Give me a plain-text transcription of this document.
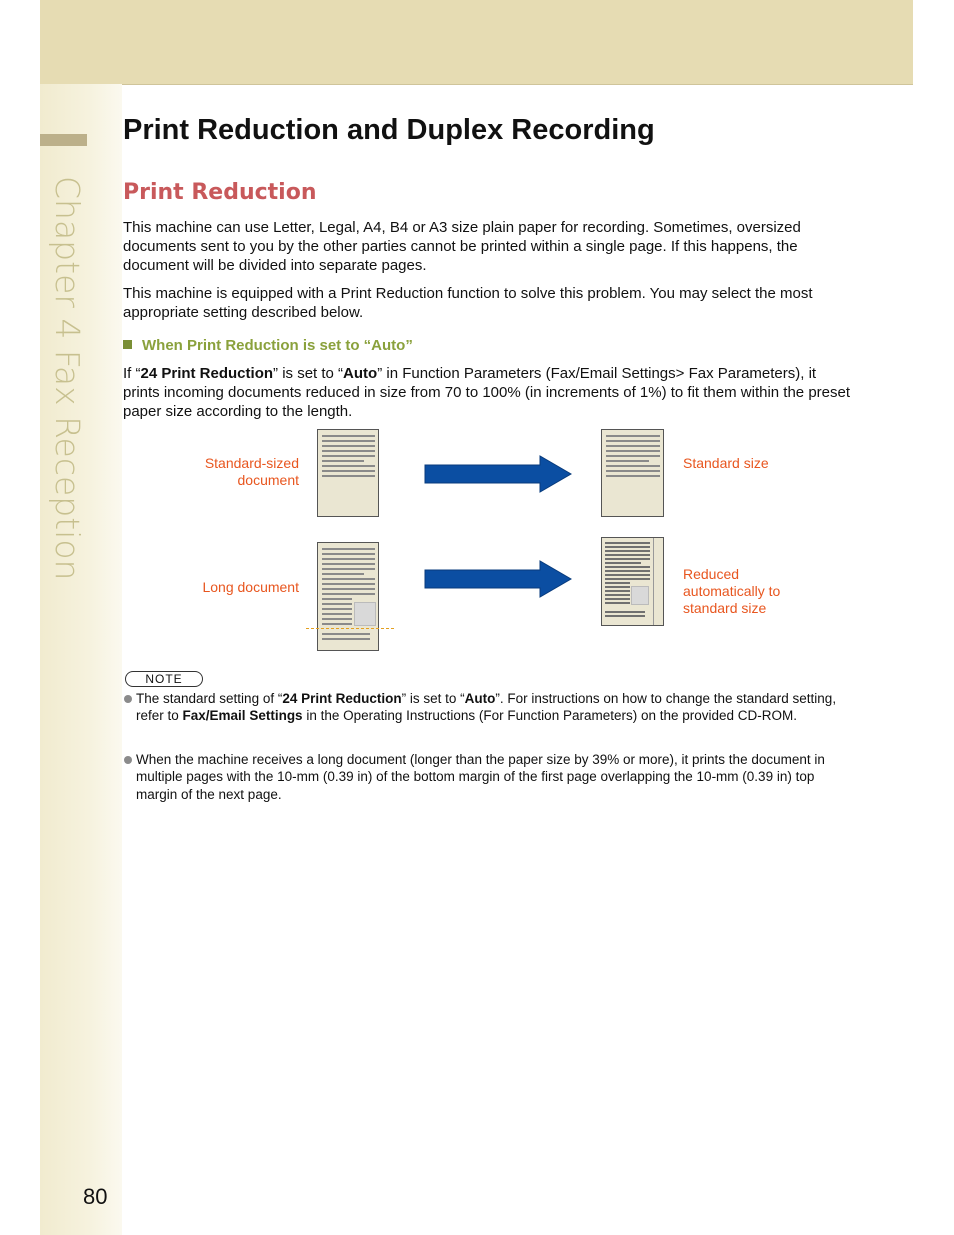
Chapter 4 Fax Reception
Print Reduction and Duplex Recording
Print Reduction

This machine can use Letter, Legal, A4, B4 or A3 size plain paper for recording. Sometimes, oversized documents sent to you by the other parties cannot be printed within a single page. If this happens, the document will be divided into separate pages.

This machine is equipped with a Print Reduction function to solve this problem. You may select the most appropriate setting described below.

When Print Reduction is set to “Auto”

If “24 Print Reduction” is set to “Auto” in Function Parameters (Fax/Email Settings> Fax Parameters), it prints incoming documents reduced in size from 70 to 100% (in increments of 1%) to fit them within the preset paper size according to the length.

Standard-sized document
Standard size
Long document
Reduced automatically to standard size
NOTE
The standard setting of “24 Print Reduction” is set to “Auto”. For instructions on how to change the standard setting, refer to Fax/Email Settings in the Operating Instructions (For Function Parameters) on the provided CD-ROM.
When the machine receives a long document (longer than the paper size by 39% or more), it prints the document in multiple pages with the 10-mm (0.39 in) of the bottom margin of the first page overlapping the 10-mm (0.39 in) top margin of the next page.

80
